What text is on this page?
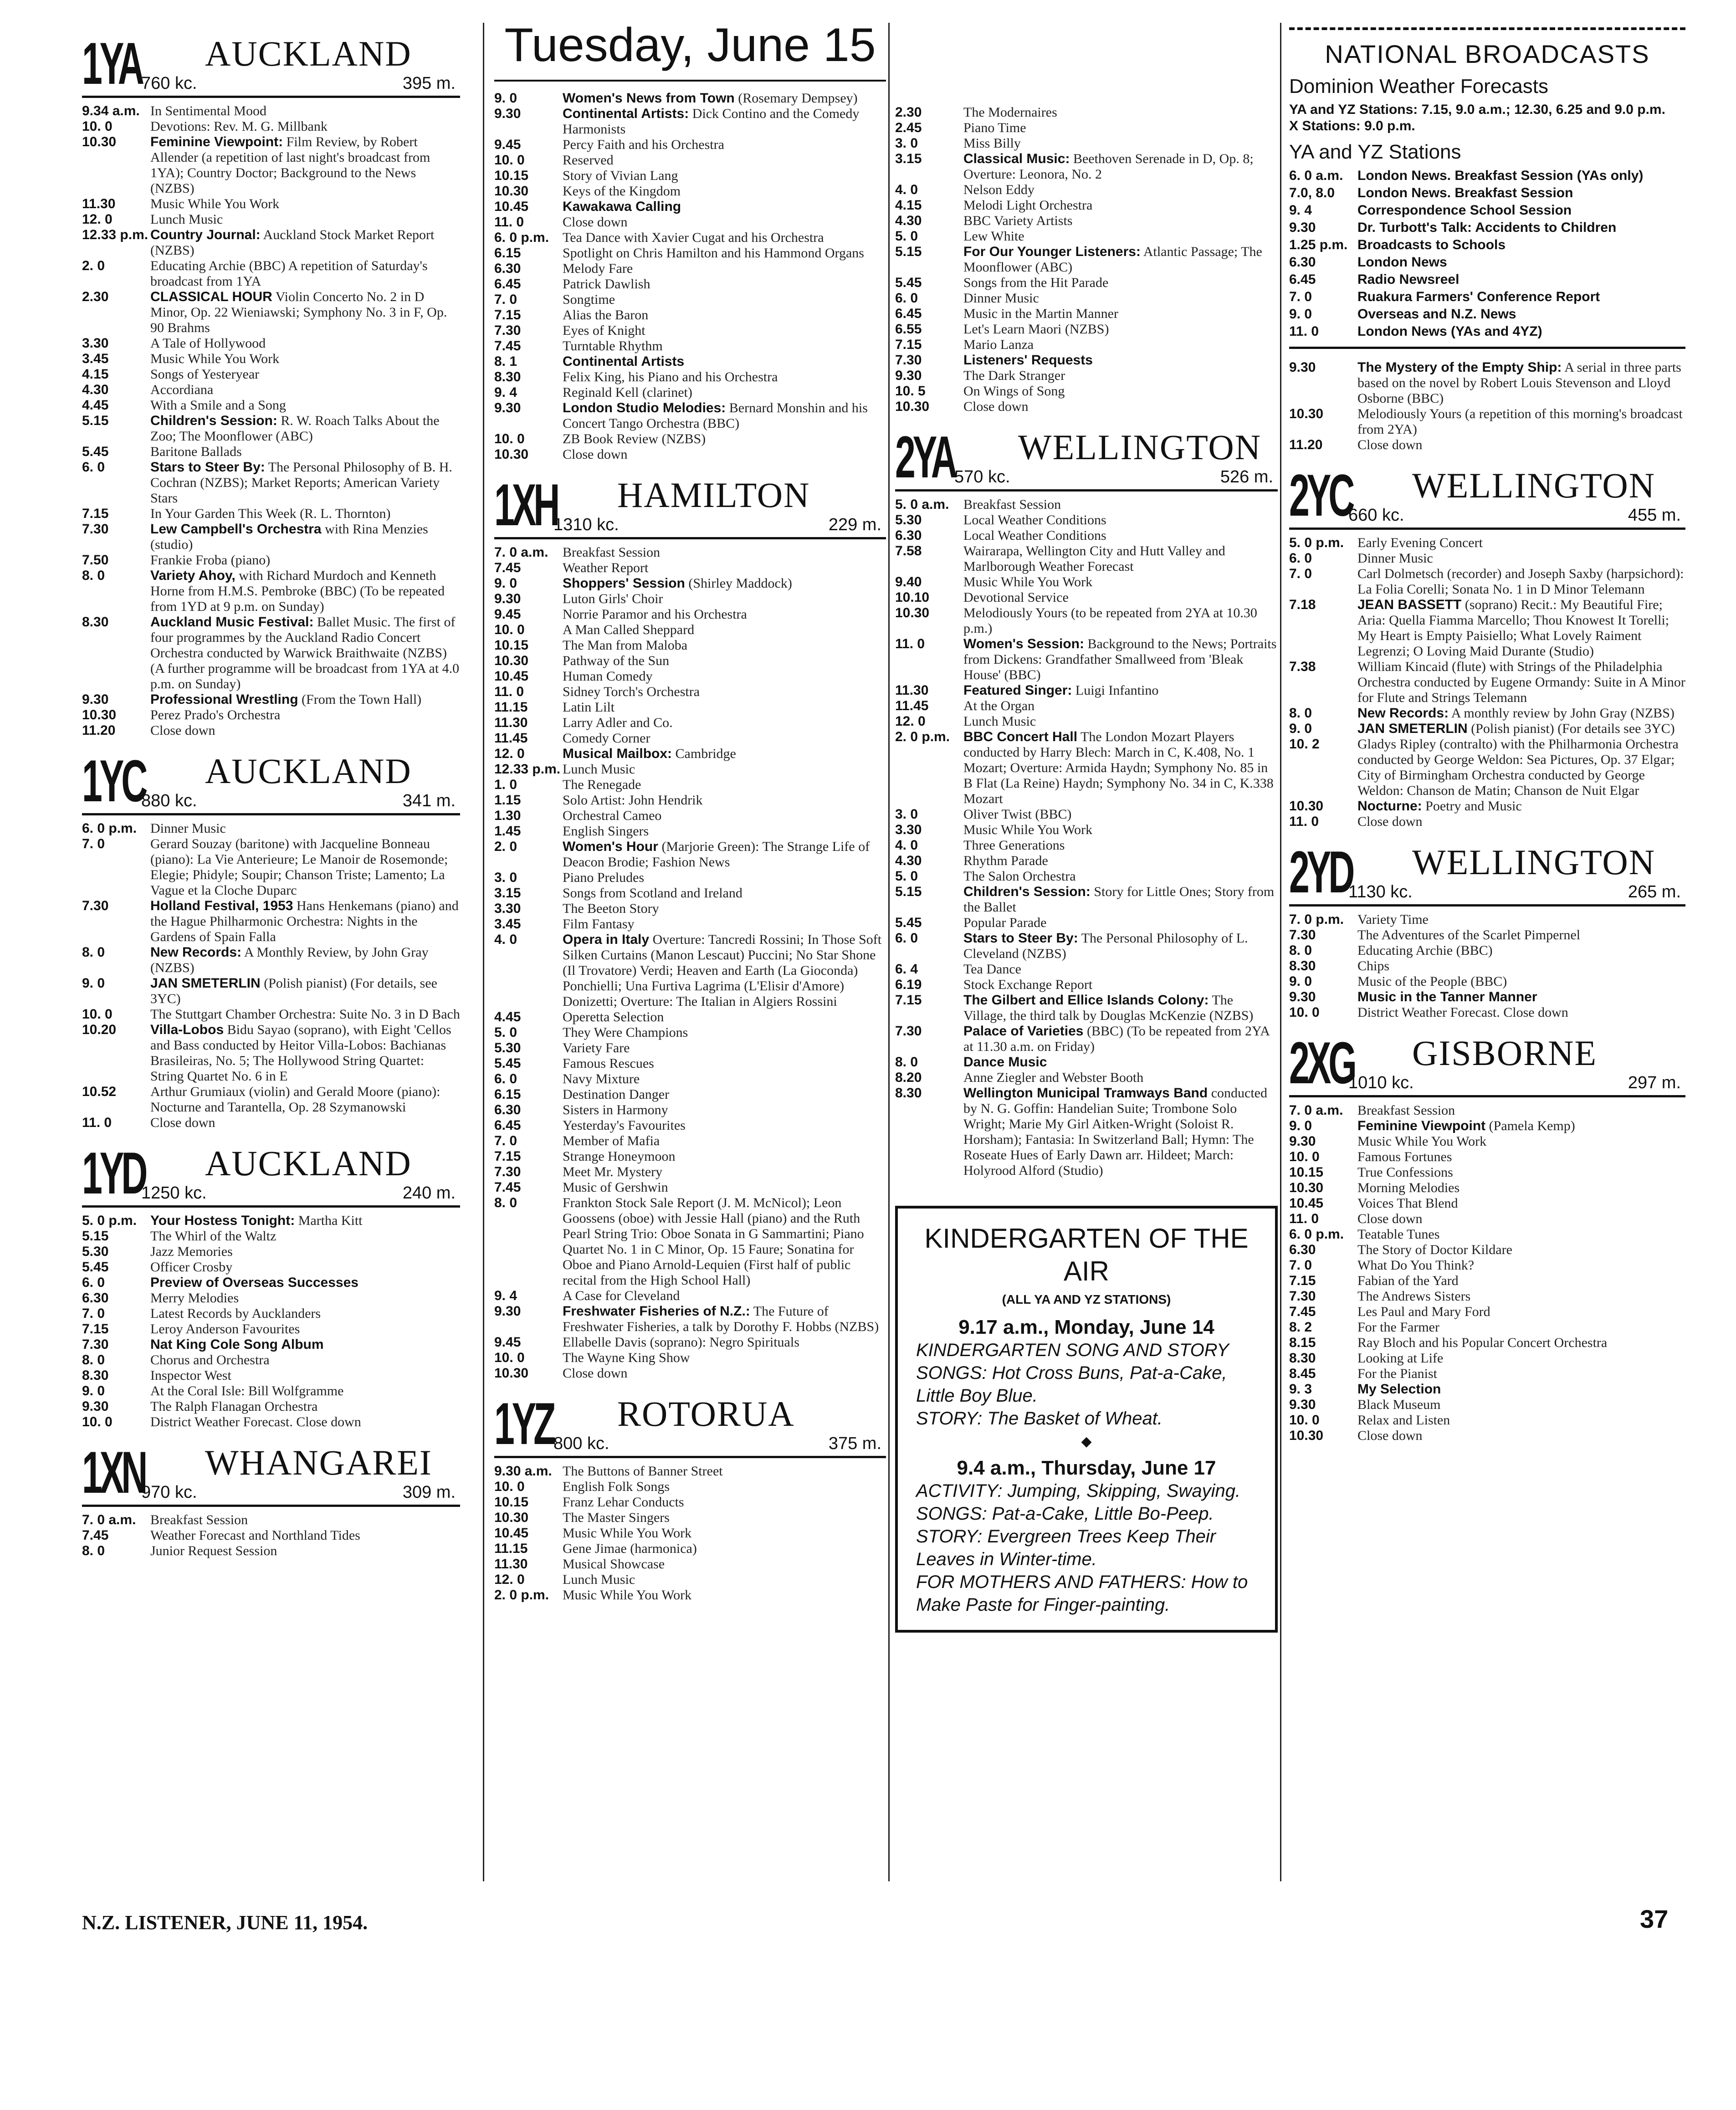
1YA AUCKLAND
760 kc.	395 m.
9.34 a.m. In Sentimental Mood
10. 0	Devotions: Rev. M. G. Millbank
10.30	Feminine Viewpoint: Film Review, by Robert Allender (a repetition of last night's broadcast from 1YA); Country Doctor; Background to the News (NZBS)
11.30	Music While You Work
12. 0	Lunch Music
12.33 p.m. Country Journal: Auckland Stock Market Report (NZBS)
2. 0	Educating Archie (BBC) A repetition of Saturday's broadcast from 1YA
2.30	CLASSICAL HOUR Violin Concerto No. 2 in D Minor, Op. 22 Wieniawski; Symphony No. 3 in F, Op. 90 Brahms
3.30	A Tale of Hollywood
3.45	Music While You Work
4.15	Songs of Yesteryear
4.30	Accordiana
4.45	With a Smile and a Song
5.15	Children's Session: R. W. Roach Talks About the Zoo; The Moonflower (ABC)
5.45	Baritone Ballads
6. 0	Stars to Steer By: The Personal Philosophy of B. H. Cochran (NZBS); Market Reports; American Variety Stars
7.15	In Your Garden This Week (R. L. Thornton)
7.30	Lew Campbell's Orchestra with Rina Menzies (studio)
7.50	Frankie Froba (piano)
8. 0	Variety Ahoy, with Richard Murdoch and Kenneth Horne from H.M.S. Pembroke (BBC) (To be repeated from 1YD at 9 p.m. on Sunday)
8.30	Auckland Music Festival: Ballet Music. The first of four programmes by the Auckland Radio Concert Orchestra conducted by Warwick Braithwaite (NZBS) (A further programme will be broadcast from 1YA at 4.0 p.m. on Sunday)
9.30	Professional Wrestling (From the Town Hall)
10.30	Perez Prado's Orchestra
11.20	Close down
1YC AUCKLAND
880 kc.	341 m.
6. 0 p.m. Dinner Music
7. 0	Gerard Souzay (baritone) with Jacqueline Bonneau (piano): La Vie Anterieure; Le Manoir de Rosemonde; Elegie; Phidyle; Soupir; Chanson Triste; Lamento; La Vague et la Cloche Duparc
7.30	Holland Festival, 1953 Hans Henkemans (piano) and the Hague Philharmonic Orchestra: Nights in the Gardens of Spain Falla
8. 0	New Records: A Monthly Review, by John Gray (NZBS)
9. 0	JAN SMETERLIN (Polish pianist) (For details, see 3YC)
10. 0	The Stuttgart Chamber Orchestra: Suite No. 3 in D Bach
10.20	Villa-Lobos Bidu Sayao (soprano), with Eight 'Cellos and Bass conducted by Heitor Villa-Lobos: Bachianas Brasileiras, No. 5; The Hollywood String Quartet: String Quartet No. 6 in E
10.52	Arthur Grumiaux (violin) and Gerald Moore (piano): Nocturne and Tarantella, Op. 28 Szymanowski
11. 0	Close down
1YD AUCKLAND
1250 kc.	240 m.
5. 0 p.m. Your Hostess Tonight: Martha Kitt
5.15	The Whirl of the Waltz
5.30	Jazz Memories
5.45	Officer Crosby
6. 0	Preview of Overseas Successes
6.30	Merry Melodies
7. 0	Latest Records by Aucklanders
7.15	Leroy Anderson Favourites
7.30	Nat King Cole Song Album
8. 0	Chorus and Orchestra
8.30	Inspector West
9. 0	At the Coral Isle: Bill Wolfgramme
9.30	The Ralph Flanagan Orchestra
10. 0	District Weather Forecast. Close down
1XN WHANGAREI
970 kc.	309 m.
7. 0 a.m.	Breakfast Session
7.45	Weather Forecast and Northland Tides
8. 0	Junior Request Session
Tuesday, June 15
9. 0	Women's News from Town (Rosemary Dempsey)
9.30	Continental Artists: Dick Contino and the Comedy Harmonists
9.45	Percy Faith and his Orchestra
10. 0	Reserved
10.15	Story of Vivian Lang
10.30	Keys of the Kingdom
10.45	Kawakawa Calling
11. 0	Close down
6. 0 p.m. Tea Dance with Xavier Cugat and his Orchestra
6.15	Spotlight on Chris Hamilton and his Hammond Organs
6.30	Melody Fare
6.45	Patrick Dawlish
7. 0	Songtime
7.15	Alias the Baron
7.30	Eyes of Knight
7.45	Turntable Rhythm
8. 1	Continental Artists
8.30	Felix King, his Piano and his Orchestra
9. 4	Reginald Kell (clarinet)
9.30	London Studio Melodies: Bernard Monshin and his Concert Tango Orchestra (BBC)
10. 0	ZB Book Review (NZBS)
10.30	Close down
1XH HAMILTON
1310 kc.	229 m.
7. 0 a.m.	Breakfast Session
7.45	Weather Report
9. 0	Shoppers' Session (Shirley Maddock)
9.30	Luton Girls' Choir
9.45	Norrie Paramor and his Orchestra
10. 0	A Man Called Sheppard
10.15	The Man from Maloba
10.30	Pathway of the Sun
10.45	Human Comedy
11. 0	Sidney Torch's Orchestra
11.15	Latin Lilt
11.30	Larry Adler and Co.
11.45	Comedy Corner
12. 0	Musical Mailbox: Cambridge
12.33 p.m. Lunch Music
1. 0	The Renegade
1.15	Solo Artist: John Hendrik
1.30	Orchestral Cameo
1.45	English Singers
2. 0	Women's Hour (Marjorie Green): The Strange Life of Deacon Brodie; Fashion News
3. 0	Piano Preludes
3.15	Songs from Scotland and Ireland
3.30	The Beeton Story
3.45	Film Fantasy
4. 0	Opera in Italy Overture: Tancredi Rossini; In Those Soft Silken Curtains (Manon Lescaut) Puccini; No Star Shone (Il Trovatore) Verdi; Heaven and Earth (La Gioconda) Ponchielli; Una Furtiva Lagrima (L'Elisir d'Amore) Donizetti; Overture: The Italian in Algiers Rossini
4.45	Operetta Selection
5. 0	They Were Champions
5.30	Variety Fare
5.45	Famous Rescues
6. 0	Navy Mixture
6.15	Destination Danger
6.30	Sisters in Harmony
6.45	Yesterday's Favourites
7. 0	Member of Mafia
7.15	Strange Honeymoon
7.30	Meet Mr. Mystery
7.45	Music of Gershwin
8. 0	Frankton Stock Sale Report (J. M. McNicol); Leon Goossens (oboe) with Jessie Hall (piano) and the Ruth Pearl String Trio: Oboe Sonata in G Sammartini; Piano Quartet No. 1 in C Minor, Op. 15 Faure; Sonatina for Oboe and Piano Arnold-Lequien (First half of public recital from the High School Hall)
9. 4	A Case for Cleveland
9.30	Freshwater Fisheries of N.Z.: The Future of Freshwater Fisheries, a talk by Dorothy F. Hobbs (NZBS)
9.45	Ellabelle Davis (soprano): Negro Spirituals
10. 0	The Wayne King Show
10.30	Close down
1YZ ROTORUA
800 kc.	375 m.
9.30 a.m. The Buttons of Banner Street
10. 0	English Folk Songs
10.15	Franz Lehar Conducts
10.30	The Master Singers
10.45	Music While You Work
11.15	Gene Jimae (harmonica)
11.30	Musical Showcase
12. 0	Lunch Music
2. 0 p.m. Music While You Work
2.30	The Modernaires
2.45	Piano Time
3. 0	Miss Billy
3.15	Classical Music: Beethoven Serenade in D, Op. 8; Overture: Leonora, No. 2
4. 0	Nelson Eddy
4.15	Melodi Light Orchestra
4.30	BBC Variety Artists
5. 0	Lew White
5.15	For Our Younger Listeners: Atlantic Passage; The Moonflower (ABC)
5.45	Songs from the Hit Parade
6. 0	Dinner Music
6.45	Music in the Martin Manner
6.55	Let's Learn Maori (NZBS)
7.15	Mario Lanza
7.30	Listeners' Requests
9.30	The Dark Stranger
10. 5	On Wings of Song
10.30	Close down
2YA WELLINGTON
570 kc.	526 m.
5. 0 a.m.	Breakfast Session
5.30	Local Weather Conditions
6.30	Local Weather Conditions
7.58	Wairarapa, Wellington City and Hutt Valley and Marlborough Weather Forecast
9.40	Music While You Work
10.10	Devotional Service
10.30	Melodiously Yours (to be repeated from 2YA at 10.30 p.m.)
11. 0	Women's Session: Background to the News; Portraits from Dickens: Grandfather Smallweed from 'Bleak House' (BBC)
11.30	Featured Singer: Luigi Infantino
11.45	At the Organ
12. 0	Lunch Music
2. 0 p.m. BBC Concert Hall The London Mozart Players conducted by Harry Blech: March in C, K.408, No. 1 Mozart; Overture: Armida Haydn; Symphony No. 85 in B Flat (La Reine) Haydn; Symphony No. 34 in C, K.338 Mozart
3. 0	Oliver Twist (BBC)
3.30	Music While You Work
4. 0	Three Generations
4.30	Rhythm Parade
5. 0	The Salon Orchestra
5.15	Children's Session: Story for Little Ones; Story from the Ballet
5.45	Popular Parade
6. 0	Stars to Steer By: The Personal Philosophy of L. Cleveland (NZBS)
6. 4	Tea Dance
6.19	Stock Exchange Report
7.15	The Gilbert and Ellice Islands Colony: The Village, the third talk by Douglas McKenzie (NZBS)
7.30	Palace of Varieties (BBC) (To be repeated from 2YA at 11.30 a.m. on Friday)
8. 0	Dance Music
8.20	Anne Ziegler and Webster Booth
8.30	Wellington Municipal Tramways Band conducted by N. G. Goffin: Handelian Suite; Trombone Solo Wright; Marie My Girl Aitken-Wright (Soloist R. Horsham); Fantasia: In Switzerland Ball; Hymn: The Roseate Hues of Early Dawn arr. Hildeet; March: Holyrood Alford (Studio)
KINDERGARTEN OF THE AIR
(ALL YA AND YZ STATIONS)
9.17 a.m., Monday, June 14
KINDERGARTEN SONG AND STORY
SONGS: Hot Cross Buns, Pat-a-Cake, Little Boy Blue.
STORY: The Basket of Wheat.
◆
9.4 a.m., Thursday, June 17
ACTIVITY: Jumping, Skipping, Swaying.
SONGS: Pat-a-Cake, Little Bo-Peep.
STORY: Evergreen Trees Keep Their Leaves in Winter-time.
FOR MOTHERS AND FATHERS: How to Make Paste for Finger-painting.
NATIONAL BROADCASTS
Dominion Weather Forecasts
YA and YZ Stations: 7.15, 9.0 a.m.; 12.30, 6.25 and 9.0 p.m.
X Stations: 9.0 p.m.
YA and YZ Stations
6. 0 a.m.	London News. Breakfast Session (YAs only)
7.0, 8.0	London News. Breakfast Session
9. 4	Correspondence School Session
9.30	Dr. Turbott's Talk: Accidents to Children
1.25 p.m. Broadcasts to Schools
6.30	London News
6.45	Radio Newsreel
7. 0	Ruakura Farmers' Conference Report
9. 0	Overseas and N.Z. News
11. 0	London News (YAs and 4YZ)
9.30	The Mystery of the Empty Ship: A serial in three parts based on the novel by Robert Louis Stevenson and Lloyd Osborne (BBC)
10.30	Melodiously Yours (a repetition of this morning's broadcast from 2YA)
11.20	Close down
2YC WELLINGTON
660 kc.	455 m.
5. 0 p.m. Early Evening Concert
6. 0	Dinner Music
7. 0	Carl Dolmetsch (recorder) and Joseph Saxby (harpsichord): La Folia Corelli; Sonata No. 1 in D Minor Telemann
7.18	JEAN BASSETT (soprano) Recit.: My Beautiful Fire; Aria: Quella Fiamma Marcello; Thou Knowest It Torelli; My Heart is Empty Paisiello; What Lovely Raiment Legrenzi; O Loving Maid Durante (Studio)
7.38	William Kincaid (flute) with Strings of the Philadelphia Orchestra conducted by Eugene Ormandy: Suite in A Minor for Flute and Strings Telemann
8. 0	New Records: A monthly review by John Gray (NZBS)
9. 0	JAN SMETERLIN (Polish pianist) (For details see 3YC)
10. 2	Gladys Ripley (contralto) with the Philharmonia Orchestra conducted by George Weldon: Sea Pictures, Op. 37 Elgar; City of Birmingham Orchestra conducted by George Weldon: Chanson de Matin; Chanson de Nuit Elgar
10.30	Nocturne: Poetry and Music
11. 0	Close down
2YD WELLINGTON
1130 kc.	265 m.
7. 0 p.m. Variety Time
7.30	The Adventures of the Scarlet Pimpernel
8. 0	Educating Archie (BBC)
8.30	Chips
9. 0	Music of the People (BBC)
9.30	Music in the Tanner Manner
10. 0	District Weather Forecast. Close down
2XG GISBORNE
1010 kc.	297 m.
7. 0 a.m.	Breakfast Session
9. 0	Feminine Viewpoint (Pamela Kemp)
9.30	Music While You Work
10. 0	Famous Fortunes
10.15	True Confessions
10.30	Morning Melodies
10.45	Voices That Blend
11. 0	Close down
6. 0 p.m. Teatable Tunes
6.30	The Story of Doctor Kildare
7. 0	What Do You Think?
7.15	Fabian of the Yard
7.30	The Andrews Sisters
7.45	Les Paul and Mary Ford
8. 2	For the Farmer
8.15	Ray Bloch and his Popular Concert Orchestra
8.30	Looking at Life
8.45	For the Pianist
9. 3	My Selection
9.30	Black Museum
10. 0	Relax and Listen
10.30	Close down
N.Z. LISTENER, JUNE 11, 1954.	37
